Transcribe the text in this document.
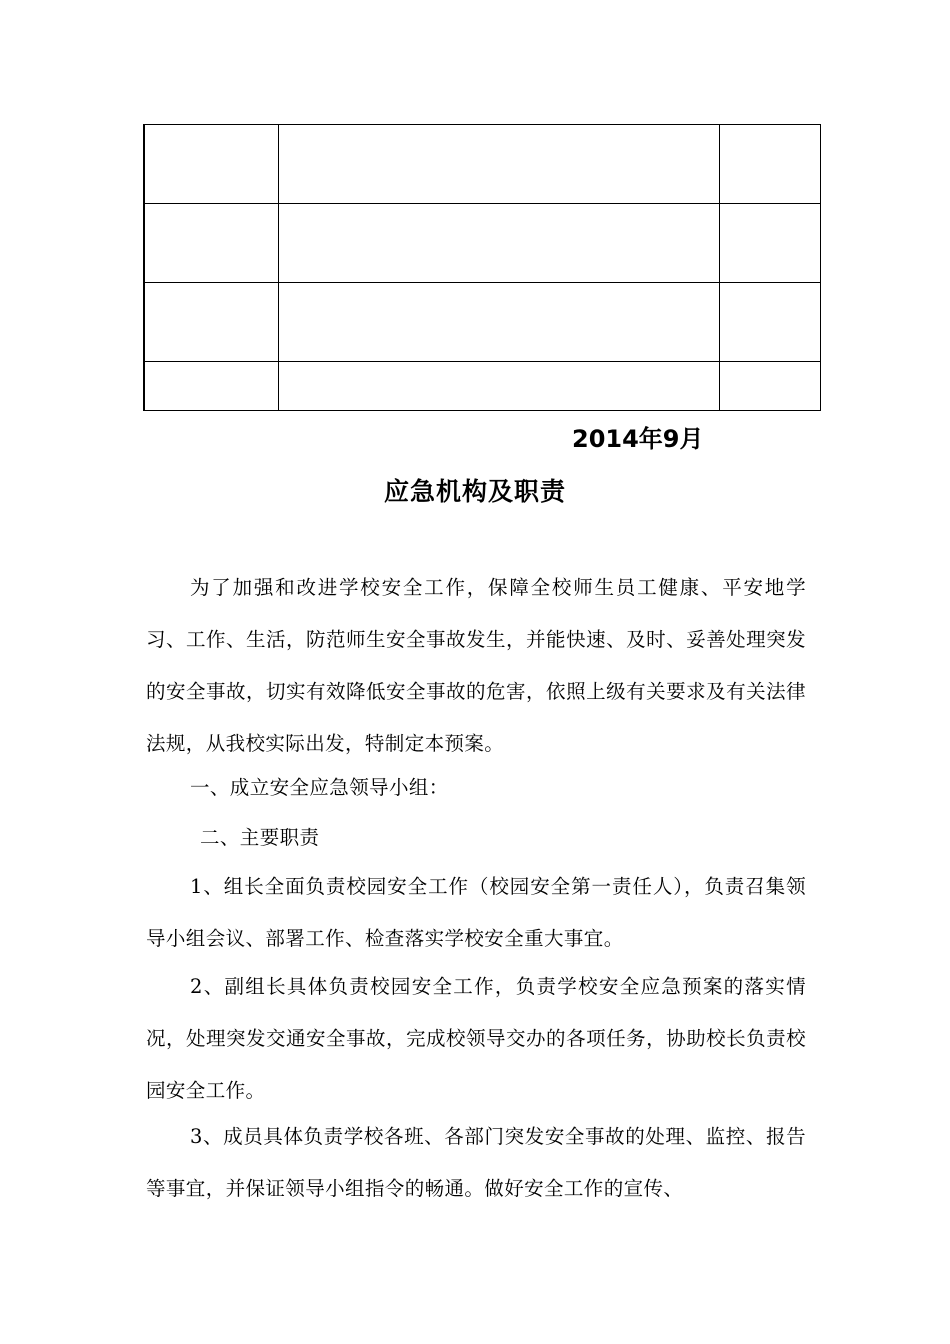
2014年9月
应急机构及职责

为了加强和改进学校安全工作，保障全校师生员工健康、平安地学习、工作、生活，防范师生安全事故发生，并能快速、及时、妥善处理突发的安全事故，切实有效降低安全事故的危害，依照上级有关要求及有关法律法规，从我校实际出发，特制定本预案。

一、成立安全应急领导小组：

二、主要职责

1、组长全面负责校园安全工作（校园安全第一责任人），负责召集领导小组会议、部署工作、检查落实学校安全重大事宜。

2、副组长具体负责校园安全工作，负责学校安全应急预案的落实情况，处理突发交通安全事故，完成校领导交办的各项任务，协助校长负责校园安全工作。

3、成员具体负责学校各班、各部门突发安全事故的处理、监控、报告等事宜，并保证领导小组指令的畅通。做好安全工作的宣传、
